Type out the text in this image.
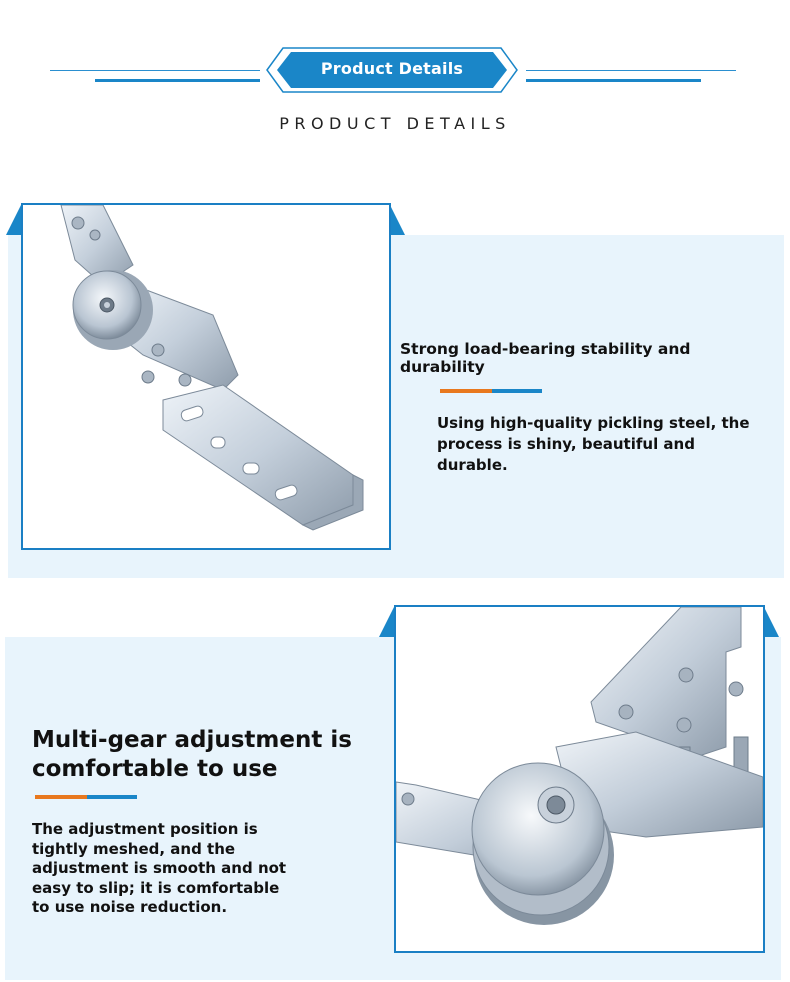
Product Details
PRODUCT DETAILS
Strong load-bearing stability and durability
Using high-quality pickling steel, the process is shiny, beautiful and durable.
Multi-gear adjustment is comfortable to use
The adjustment position is tightly meshed, and the adjustment is smooth and not easy to slip; it is comfortable to use noise reduction.
